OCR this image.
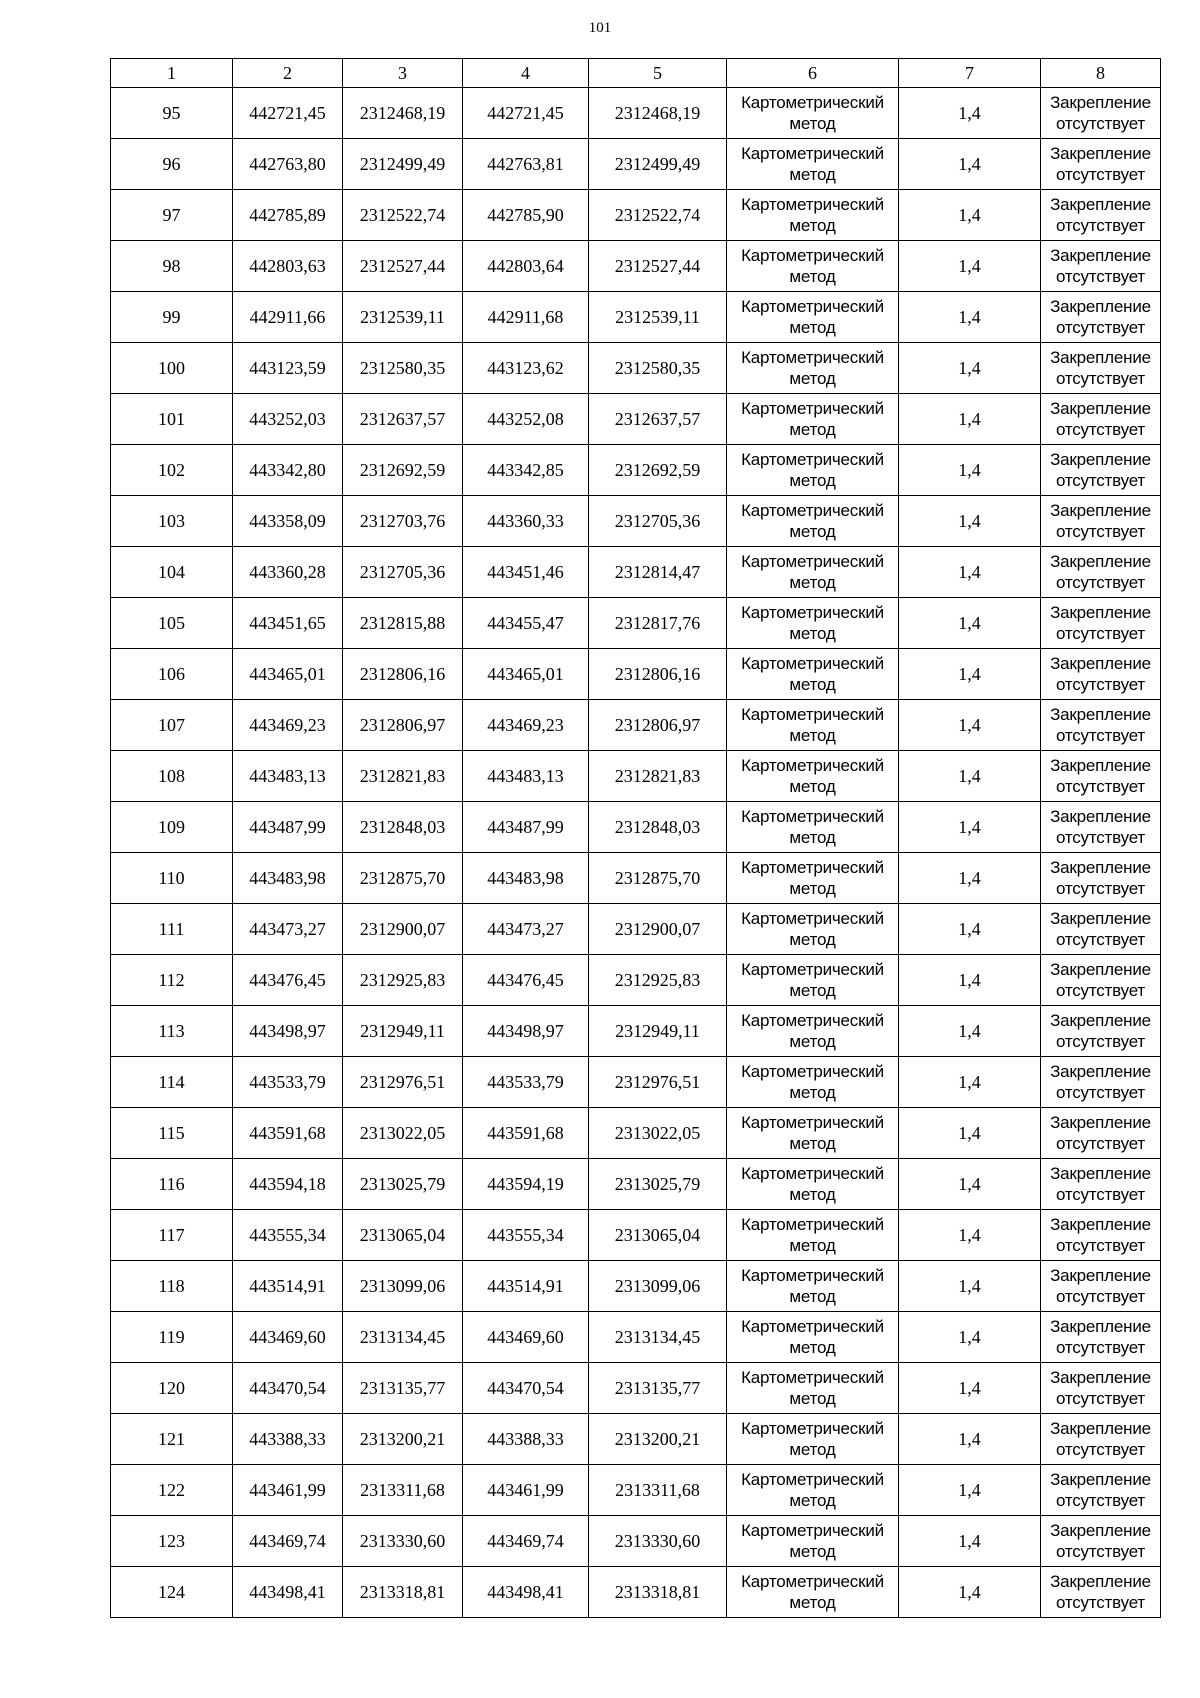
101
1	2	3	4	5	6	7	8
95	442721,45	2312468,19	442721,45	2312468,19	Картометрический метод	1,4	Закрепление отсутствует
96	442763,80	2312499,49	442763,81	2312499,49	Картометрический метод	1,4	Закрепление отсутствует
97	442785,89	2312522,74	442785,90	2312522,74	Картометрический метод	1,4	Закрепление отсутствует
98	442803,63	2312527,44	442803,64	2312527,44	Картометрический метод	1,4	Закрепление отсутствует
99	442911,66	2312539,11	442911,68	2312539,11	Картометрический метод	1,4	Закрепление отсутствует
100	443123,59	2312580,35	443123,62	2312580,35	Картометрический метод	1,4	Закрепление отсутствует
101	443252,03	2312637,57	443252,08	2312637,57	Картометрический метод	1,4	Закрепление отсутствует
102	443342,80	2312692,59	443342,85	2312692,59	Картометрический метод	1,4	Закрепление отсутствует
103	443358,09	2312703,76	443360,33	2312705,36	Картометрический метод	1,4	Закрепление отсутствует
104	443360,28	2312705,36	443451,46	2312814,47	Картометрический метод	1,4	Закрепление отсутствует
105	443451,65	2312815,88	443455,47	2312817,76	Картометрический метод	1,4	Закрепление отсутствует
106	443465,01	2312806,16	443465,01	2312806,16	Картометрический метод	1,4	Закрепление отсутствует
107	443469,23	2312806,97	443469,23	2312806,97	Картометрический метод	1,4	Закрепление отсутствует
108	443483,13	2312821,83	443483,13	2312821,83	Картометрический метод	1,4	Закрепление отсутствует
109	443487,99	2312848,03	443487,99	2312848,03	Картометрический метод	1,4	Закрепление отсутствует
110	443483,98	2312875,70	443483,98	2312875,70	Картометрический метод	1,4	Закрепление отсутствует
111	443473,27	2312900,07	443473,27	2312900,07	Картометрический метод	1,4	Закрепление отсутствует
112	443476,45	2312925,83	443476,45	2312925,83	Картометрический метод	1,4	Закрепление отсутствует
113	443498,97	2312949,11	443498,97	2312949,11	Картометрический метод	1,4	Закрепление отсутствует
114	443533,79	2312976,51	443533,79	2312976,51	Картометрический метод	1,4	Закрепление отсутствует
115	443591,68	2313022,05	443591,68	2313022,05	Картометрический метод	1,4	Закрепление отсутствует
116	443594,18	2313025,79	443594,19	2313025,79	Картометрический метод	1,4	Закрепление отсутствует
117	443555,34	2313065,04	443555,34	2313065,04	Картометрический метод	1,4	Закрепление отсутствует
118	443514,91	2313099,06	443514,91	2313099,06	Картометрический метод	1,4	Закрепление отсутствует
119	443469,60	2313134,45	443469,60	2313134,45	Картометрический метод	1,4	Закрепление отсутствует
120	443470,54	2313135,77	443470,54	2313135,77	Картометрический метод	1,4	Закрепление отсутствует
121	443388,33	2313200,21	443388,33	2313200,21	Картометрический метод	1,4	Закрепление отсутствует
122	443461,99	2313311,68	443461,99	2313311,68	Картометрический метод	1,4	Закрепление отсутствует
123	443469,74	2313330,60	443469,74	2313330,60	Картометрический метод	1,4	Закрепление отсутствует
124	443498,41	2313318,81	443498,41	2313318,81	Картометрический метод	1,4	Закрепление отсутствует
